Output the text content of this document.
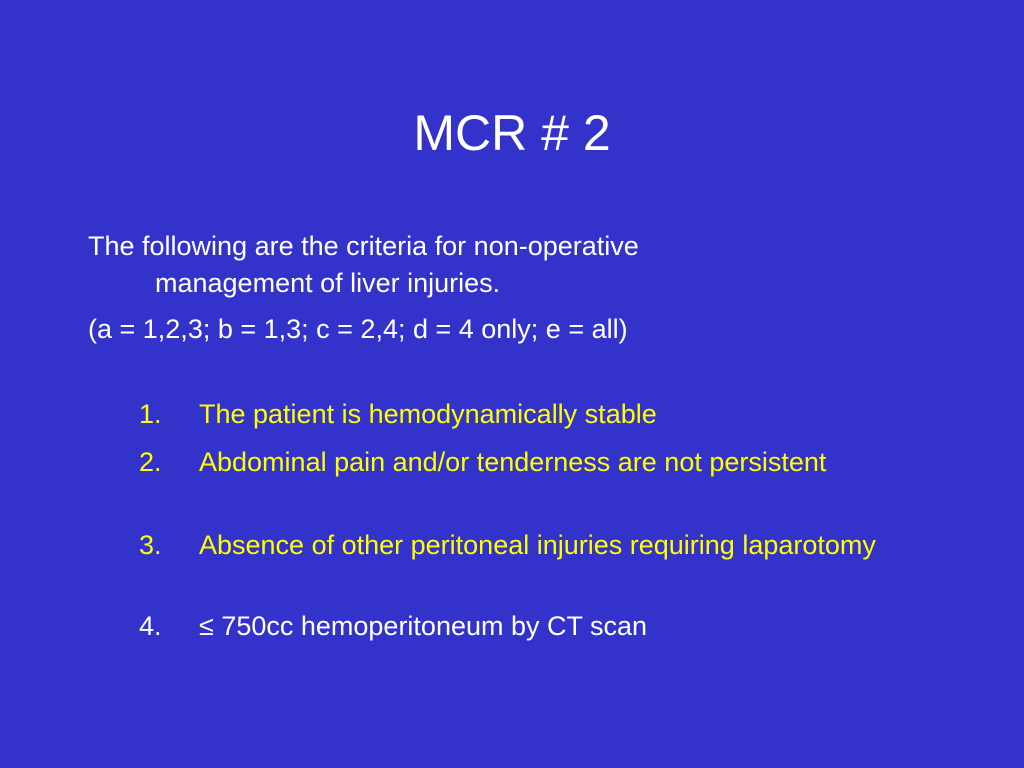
MCR # 2
The following are the criteria for non-operative
management of liver injuries.
(a = 1,2,3; b = 1,3; c = 2,4; d = 4 only; e = all)
1.	The patient is hemodynamically stable
2.	Abdominal pain and/or tenderness are not persistent
3.	Absence of other peritoneal injuries requiring laparotomy
4.	≤ 750cc hemoperitoneum by CT scan
